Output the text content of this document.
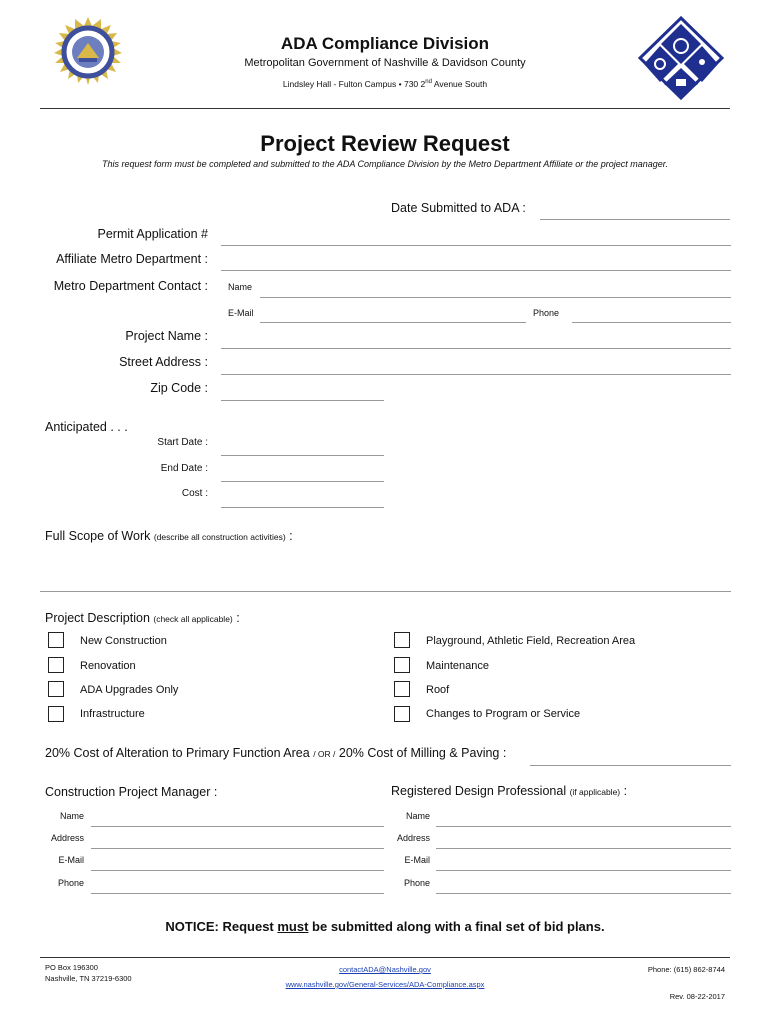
ADA Compliance Division
Metropolitan Government of Nashville & Davidson County
Lindsley Hall - Fulton Campus • 730 2nd Avenue South
Project Review Request
This request form must be completed and submitted to the ADA Compliance Division by the Metro Department Affiliate or the project manager.
Date Submitted to ADA :
Permit Application #
Affiliate Metro Department :
Metro Department Contact : Name
E-Mail	Phone
Project Name :
Street Address :
Zip Code :
Anticipated . . .
Start Date :
End Date :
Cost :
Full Scope of Work (describe all construction activities) :
Project Description (check all applicable) :
New Construction
Renovation
ADA Upgrades Only
Infrastructure
Playground, Athletic Field, Recreation Area
Maintenance
Roof
Changes to Program or Service
20% Cost of Alteration to Primary Function Area / OR / 20% Cost of Milling & Paving :
Construction Project Manager :	Registered Design Professional (if applicable) :
Name
Address
E-Mail
Phone
Name
Address
E-Mail
Phone
NOTICE: Request must be submitted along with a final set of bid plans.
PO Box 196300
Nashville, TN 37219-6300
contactADA@Nashville.gov
www.nashville.gov/General-Services/ADA-Compliance.aspx
Phone: (615) 862-8744
Rev. 08-22-2017
